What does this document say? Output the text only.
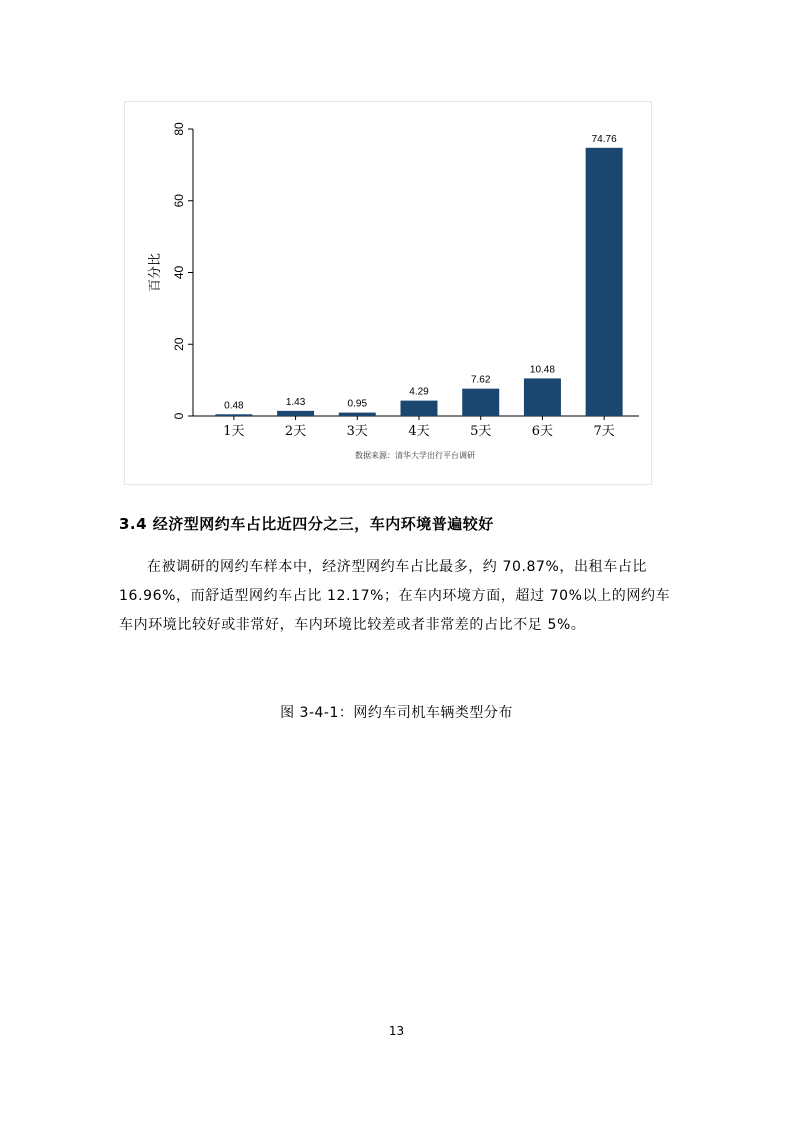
0
20
40
60
80
百分比
0.48
1天
1.43
2天
0.95
3天
4.29
4天
7.62
5天
10.48
6天
74.76
7天
数据来源：清华大学出行平台调研
3.4 经济型网约车占比近四分之三，车内环境普遍较好
在被调研的网约车样本中，经济型网约车占比最多，约 70.87%，出租车占比 16.96%，而舒适型网约车占比 12.17%；在车内环境方面，超过 70%以上的网约车车内环境比较好或非常好，车内环境比较差或者非常差的占比不足 5%。
图 3-4-1：网约车司机车辆类型分布
13
